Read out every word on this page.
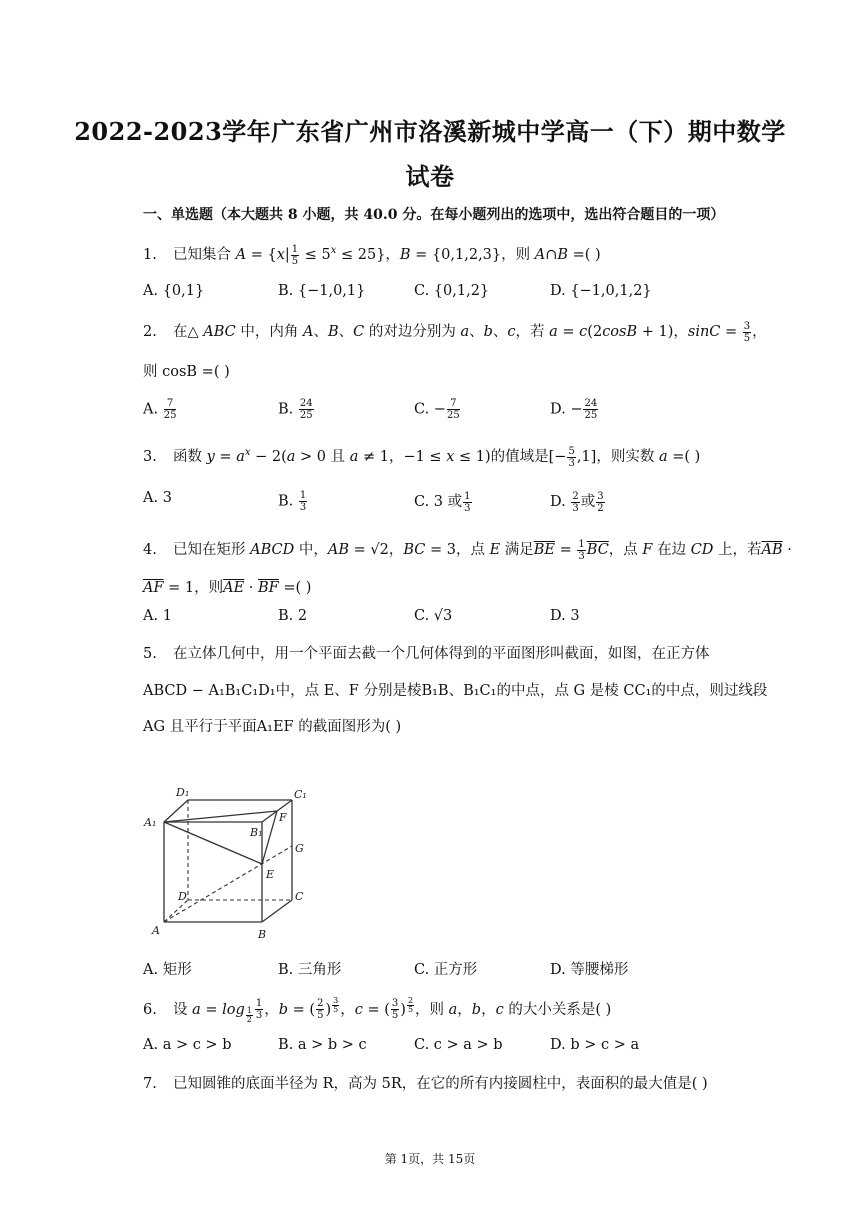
2022-2023学年广东省广州市洛溪新城中学高一（下）期中数学
试卷
一、单选题（本大题共 8 小题，共 40.0 分。在每小题列出的选项中，选出符合题目的一项）
1. 已知集合 $A = \{x| \frac{1}{5} \le 5^x \le 25\}$，B = {0,1,2,3}，则 A∩B =( )
A. {0,1}	B. {−1,0,1}	C. {0,1,2}	D. {−1,0,1,2}
2. 在△ ABC 中，内角 A、B、C 的对边分别为 a、b、c，若 a = c(2cosB + 1)，$\sin C = \frac{3}{5}$ ，
则 cosB =( )
A. $\frac{7}{25}$	B. $\frac{24}{25}$	C. − $\frac{7}{25}$	D. − $\frac{24}{25}$
3. 函数 $y = a^x - 2(a > 0$ 且 a ≠ 1，−1 ≤ x ≤ 1)的值域是[− $\frac{5}{3} ,1$]，则实数 a =( )
A. 3	B. $\frac{1}{3}$	C. 3 或 $\frac{1}{3}$	D. $\frac{2}{3}$ 或 $\frac{3}{2}$
4. 已知在矩形 ABCD 中，AB = √2，BC = 3，点 E 满足$\overline{BE} = \frac{1}{3} \overline{BC}$，点 F 在边 CD 上，若$\overline{AB}$ ·
$\overline{AF} = 1$，则$\overline{AE} \cdot \overline{BF}$ =( )
A. 1	B. 2	C. √3	D. 3
5. 在立体几何中，用一个平面去截一个几何体得到的平面图形叫截面，如图，在正方体
ABCD − A₁B₁C₁D₁中，点 E、F 分别是棱B₁B、B₁C₁的中点，点 G 是棱 CC₁的中点，则过线段
AG 且平行于平面A₁EF 的截面图形为( )
D₁	C₁
A₁
B₁
F
G
E
D	C
A	B
A. 矩形	B. 三角形	C. 正方形	D. 等腰梯形
6. 设 $a = \log _{\frac{1}{2}} \frac{1}{3}$ ，b = ( $\frac{2}{5}$ ) $^{\frac{3}{5}}$ ，c = ( $\frac{3}{5}$ ) $^{\frac{2}{5}}$ ，则 a，b，c 的大小关系是( )
A. a > c > b	B. a > b > c	C. c > a > b	D. b > c > a
7. 已知圆锥的底面半径为 R，高为 5R，在它的所有内接圆柱中，表面积的最大值是( )
第 1页，共 15页
